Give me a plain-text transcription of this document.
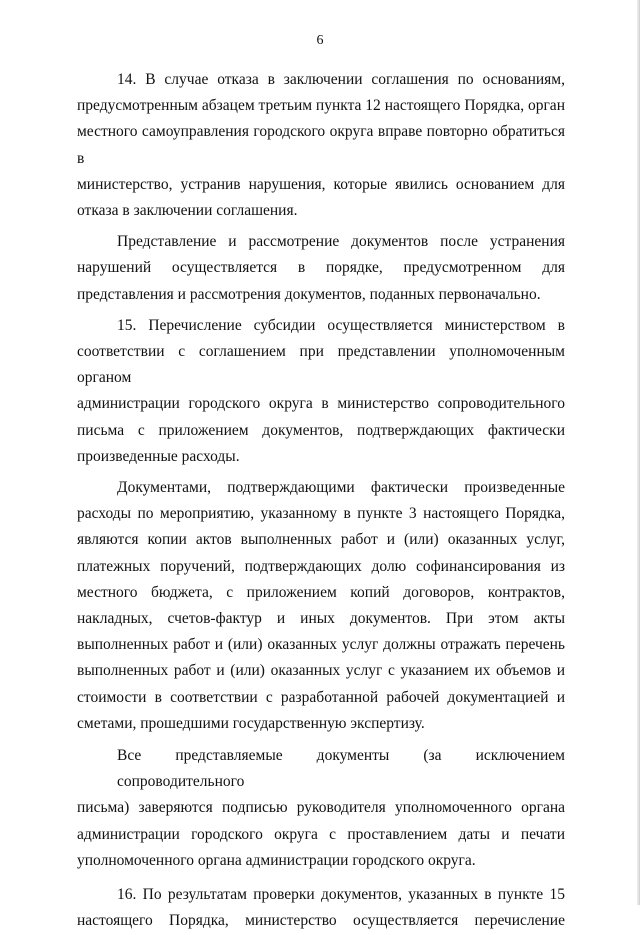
6
14. В случае отказа в заключении соглашения по основаниям,
предусмотренным абзацем третьим пункта 12 настоящего Порядка, орган
местного самоуправления городского округа вправе повторно обратиться в
министерство, устранив нарушения, которые явились основанием для
отказа в заключении соглашения.
Представление и рассмотрение документов после устранения
нарушений осуществляется в порядке, предусмотренном для
представления и рассмотрения документов, поданных первоначально.
15. Перечисление субсидии осуществляется министерством в
соответствии с соглашением при представлении уполномоченным органом
администрации городского округа в министерство сопроводительного
письма с приложением документов, подтверждающих фактически
произведенные расходы.
Документами, подтверждающими фактически произведенные
расходы по мероприятию, указанному в пункте 3 настоящего Порядка,
являются копии актов выполненных работ и (или) оказанных услуг,
платежных поручений, подтверждающих долю софинансирования из
местного бюджета, с приложением копий договоров, контрактов,
накладных, счетов-фактур и иных документов. При этом акты
выполненных работ и (или) оказанных услуг должны отражать перечень
выполненных работ и (или) оказанных услуг с указанием их объемов и
стоимости в соответствии с разработанной рабочей документацией и
сметами, прошедшими государственную экспертизу.
Все представляемые документы (за исключением сопроводительного
письма) заверяются подписью руководителя уполномоченного органа
администрации городского округа с проставлением даты и печати
уполномоченного органа администрации городского округа.
16. По результатам проверки документов, указанных в пункте 15
настоящего Порядка, министерство осуществляется перечисление
